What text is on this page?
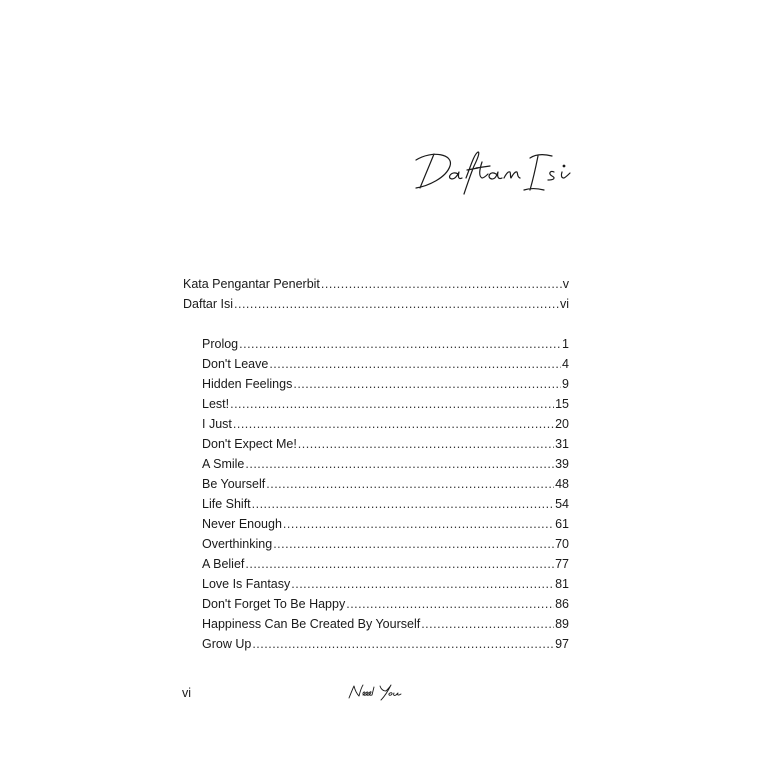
Kata Pengantar Penerbit .....	v
Daftar Isi .....	vi
Prolog .....	1
Don't Leave .....	4
Hidden Feelings .....	9
Lest! .....	15
I Just .....	20
Don't Expect Me! .....	31
A Smile .....	39
Be Yourself .....	48
Life Shift .....	54
Never Enough .....	61
Overthinking .....	70
A Belief .....	77
Love Is Fantasy .....	81
Don't Forget To Be Happy .....	86
Happiness Can Be Created By Yourself .....	89
Grow Up .....	97
vi
